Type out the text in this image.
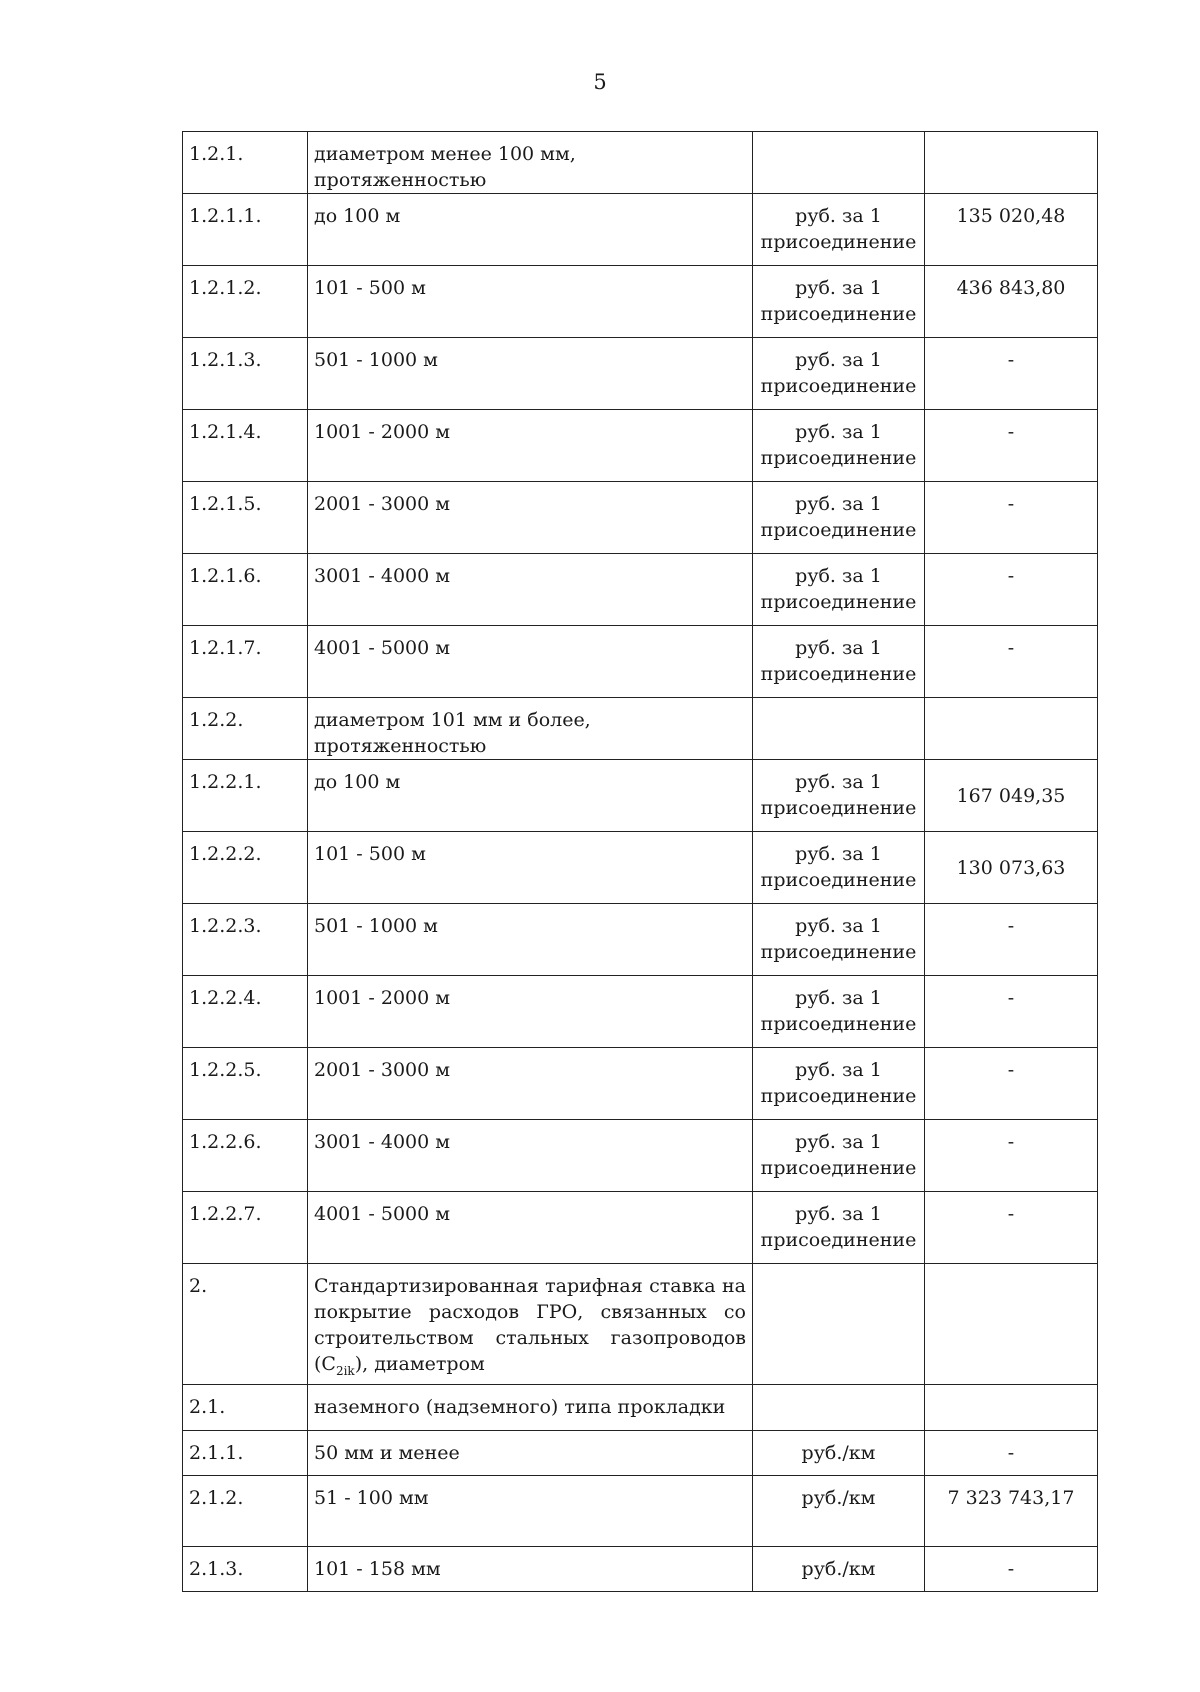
5
1.2.1.	диаметром менее 100 мм, протяженностью		
1.2.1.1.	до 100 м	руб. за 1 присоединение	135 020,48
1.2.1.2.	101 - 500 м	руб. за 1 присоединение	436 843,80
1.2.1.3.	501 - 1000 м	руб. за 1 присоединение	-
1.2.1.4.	1001 - 2000 м	руб. за 1 присоединение	-
1.2.1.5.	2001 - 3000 м	руб. за 1 присоединение	-
1.2.1.6.	3001 - 4000 м	руб. за 1 присоединение	-
1.2.1.7.	4001 - 5000 м	руб. за 1 присоединение	-
1.2.2.	диаметром 101 мм и более, протяженностью		
1.2.2.1.	до 100 м	руб. за 1 присоединение	167 049,35
1.2.2.2.	101 - 500 м	руб. за 1 присоединение	130 073,63
1.2.2.3.	501 - 1000 м	руб. за 1 присоединение	-
1.2.2.4.	1001 - 2000 м	руб. за 1 присоединение	-
1.2.2.5.	2001 - 3000 м	руб. за 1 присоединение	-
1.2.2.6.	3001 - 4000 м	руб. за 1 присоединение	-
1.2.2.7.	4001 - 5000 м	руб. за 1 присоединение	-
2.	Стандартизированная тарифная ставка на покрытие расходов ГРО, связанных со строительством стальных газопроводов $(С_{2ik})$, диаметром		
2.1.	наземного (надземного) типа прокладки		
2.1.1.	50 мм и менее	руб./км	-
2.1.2.	51 - 100 мм	руб./км	7 323 743,17
2.1.3.	101 - 158 мм	руб./км	-
